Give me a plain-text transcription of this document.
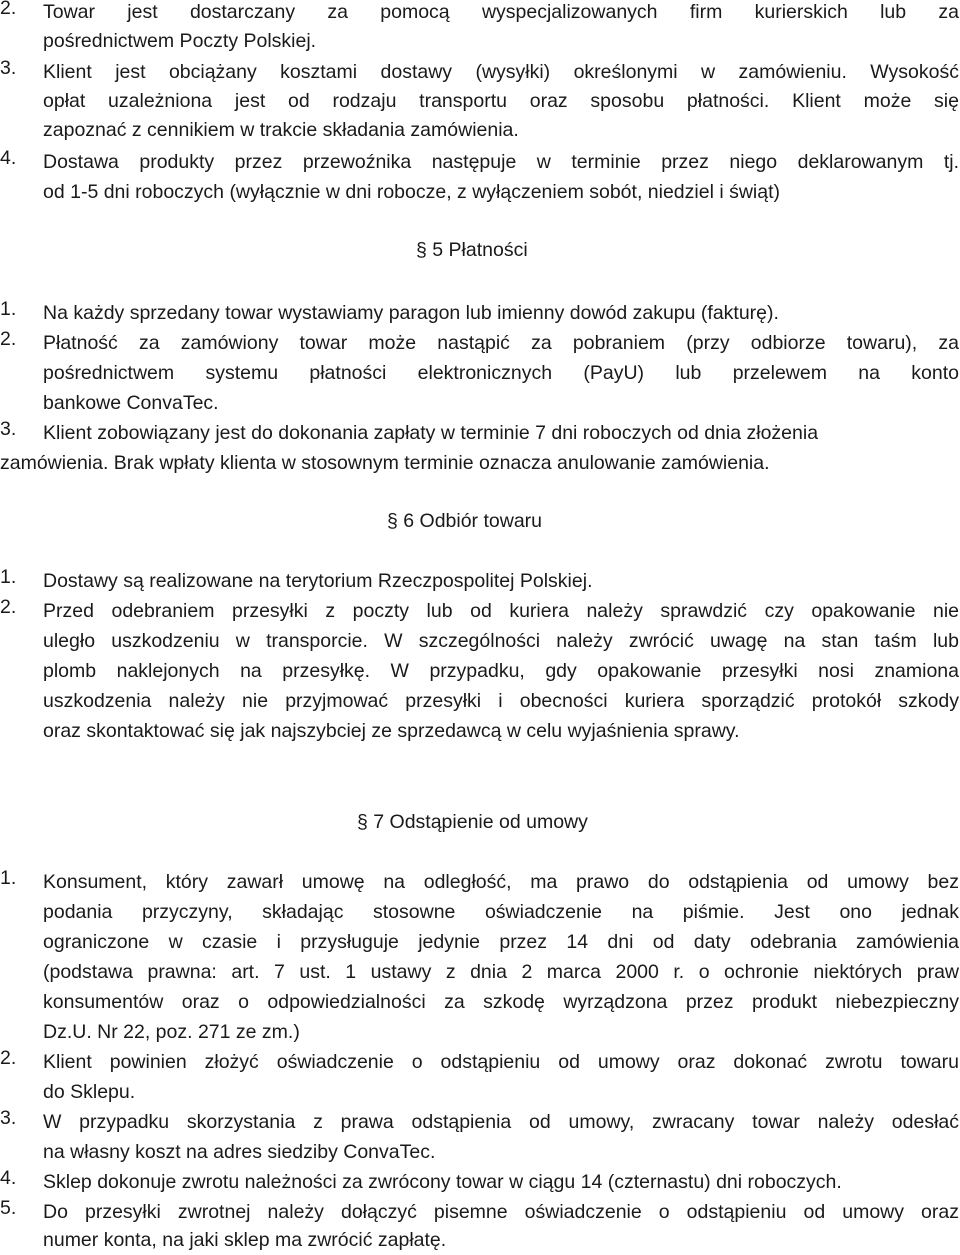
2. Towar jest dostarczany za pomocą wyspecjalizowanych firm kurierskich lub za
pośrednictwem Poczty Polskiej.
3. Klient jest obciążany kosztami dostawy (wysyłki) określonymi w zamówieniu. Wysokość
opłat uzależniona jest od rodzaju transportu oraz sposobu płatności. Klient może się
zapoznać z cennikiem w trakcie składania zamówienia.
4. Dostawa produkty przez przewoźnika następuje w terminie przez niego deklarowanym tj.
od 1-5 dni roboczych (wyłącznie w dni robocze, z wyłączeniem sobót, niedziel i świąt)
§ 5 Płatności
1. Na każdy sprzedany towar wystawiamy paragon lub imienny dowód zakupu (fakturę).
2. Płatność za zamówiony towar może nastąpić za pobraniem (przy odbiorze towaru), za
pośrednictwem systemu płatności elektronicznych (PayU) lub przelewem na konto
bankowe ConvaTec.
3. Klient zobowiązany jest do dokonania zapłaty w terminie 7 dni roboczych od dnia złożenia
zamówienia. Brak wpłaty klienta w stosownym terminie oznacza anulowanie zamówienia.
§ 6 Odbiór towaru
1. Dostawy są realizowane na terytorium Rzeczpospolitej Polskiej.
2. Przed odebraniem przesyłki z poczty lub od kuriera należy sprawdzić czy opakowanie nie
uległo uszkodzeniu w transporcie. W szczególności należy zwrócić uwagę na stan taśm lub
plomb naklejonych na przesyłkę. W przypadku, gdy opakowanie przesyłki nosi znamiona
uszkodzenia należy nie przyjmować przesyłki i obecności kuriera sporządzić protokół szkody
oraz skontaktować się jak najszybciej ze sprzedawcą w celu wyjaśnienia sprawy.
§ 7 Odstąpienie od umowy
1. Konsument, który zawarł umowę na odległość, ma prawo do odstąpienia od umowy bez
podania przyczyny, składając stosowne oświadczenie na piśmie. Jest ono jednak
ograniczone w czasie i przysługuje jedynie przez 14 dni od daty odebrania zamówienia
(podstawa prawna: art. 7 ust. 1 ustawy z dnia 2 marca 2000 r. o ochronie niektórych praw
konsumentów oraz o odpowiedzialności za szkodę wyrządzona przez produkt niebezpieczny
Dz.U. Nr 22, poz. 271 ze zm.)
2. Klient powinien złożyć oświadczenie o odstąpieniu od umowy oraz dokonać zwrotu towaru
do Sklepu.
3. W przypadku skorzystania z prawa odstąpienia od umowy, zwracany towar należy odesłać
na własny koszt na adres siedziby ConvaTec.
4. Sklep dokonuje zwrotu należności za zwrócony towar w ciągu 14 (czternastu) dni roboczych.
5. Do przesyłki zwrotnej należy dołączyć pisemne oświadczenie o odstąpieniu od umowy oraz
numer konta, na jaki sklep ma zwrócić zapłatę.
